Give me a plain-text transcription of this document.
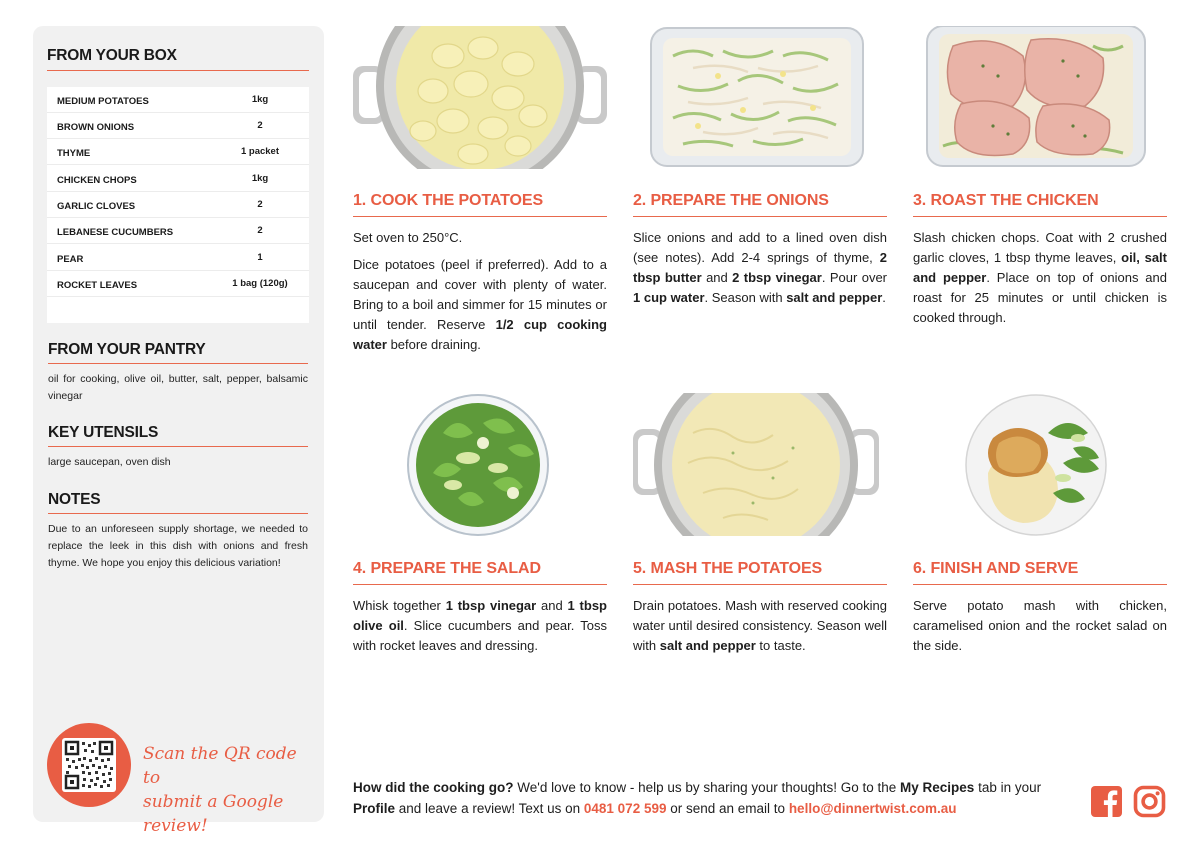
FROM YOUR BOX
MEDIUM POTATOES	1kg
BROWN ONIONS	2
THYME	1 packet
CHICKEN CHOPS	1kg
GARLIC CLOVES	2
LEBANESE CUCUMBERS	2
PEAR	1
ROCKET LEAVES	1 bag (120g)
FROM YOUR PANTRY
oil for cooking, olive oil, butter, salt, pepper, balsamic vinegar
KEY UTENSILS
large saucepan, oven dish
NOTES
Due to an unforeseen supply shortage, we needed to replace the leek in this dish with onions and fresh thyme. We hope you enjoy this delicious variation!
Scan the QR code to
submit a Google review!
1. COOK THE POTATOES

Set oven to 250°C.

Dice potatoes (peel if preferred). Add to a saucepan and cover with plenty of water. Bring to a boil and simmer for 15 minutes or until tender. Reserve 1/2 cup cooking water before draining.

2. PREPARE THE ONIONS

Slice onions and add to a lined oven dish (see notes). Add 2-4 springs of thyme, 2 tbsp butter and 2 tbsp vinegar. Pour over 1 cup water. Season with salt and pepper.

3. ROAST THE CHICKEN

Slash chicken chops. Coat with 2 crushed garlic cloves, 1 tbsp thyme leaves, oil, salt and pepper. Place on top of onions and roast for 25 minutes or until chicken is cooked through.

4. PREPARE THE SALAD

Whisk together 1 tbsp vinegar and 1 tbsp olive oil. Slice cucumbers and pear. Toss with rocket leaves and dressing.

5. MASH THE POTATOES

Drain potatoes. Mash with reserved cooking water until desired consistency. Season well with salt and pepper to taste.

6. FINISH AND SERVE

Serve potato mash with chicken, caramelised onion and the rocket salad on the side.

How did the cooking go? We'd love to know - help us by sharing your thoughts! Go to the My Recipes tab in your Profile and leave a review! Text us on 0481 072 599 or send an email to hello@dinnertwist.com.au
